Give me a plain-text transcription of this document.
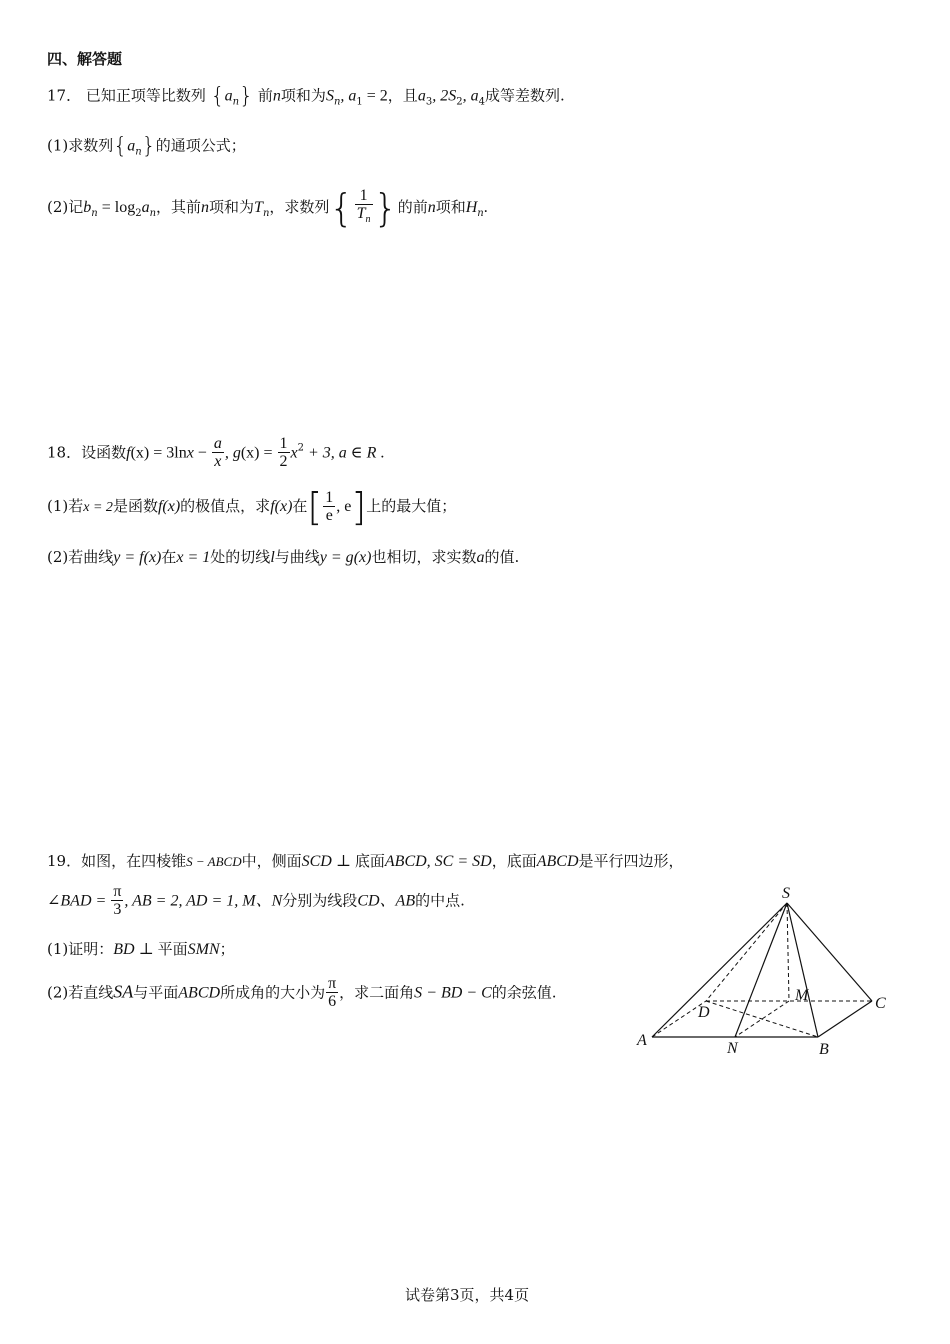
四、解答题
17． 已知正项等比数列 $\{a_n\}$ 前n项和为$S_n$, $a_1 = 2$，且$a_3$, $2S_2$, $a_4$成等差数列.
(1)求数列$\{a_n\}$的通项公式；
(2)记$b_n = \log_2a_n$，其前n项和为$T_n$，求数列{ $\frac{1}{T_n}$ }的前n项和$H_n$.
18．设函数$f(x) = 3\ln x - \frac{a}{x}$ , $g(x) = \frac{1}{2} x^2 + 3$, a ∈ R .
(1)若x = 2是函数f(x)的极值点，求f(x)在[ $\frac{1}{e}$ , e]上的最大值；
(2)若曲线y = f(x)在x = 1处的切线l与曲线y = g(x)也相切，求实数a的值.
19．如图，在四棱锥S − ABCD中，侧面SCD ⊥ 底面ABCD, SC = SD，底面ABCD是平行四边形，
∠BAD = $\frac{\pi}{3}$ , AB = 2, AD = 1, M、N分别为线段CD、AB的中点.
(1)证明：BD ⊥ 平面SMN；
(2)若直线SA与平面ABCD所成角的大小为 $\frac{\pi}{6}$ ，求二面角S − BD − C的余弦值.
S
M
D
C
A	N	B
试卷第3页，共4页
